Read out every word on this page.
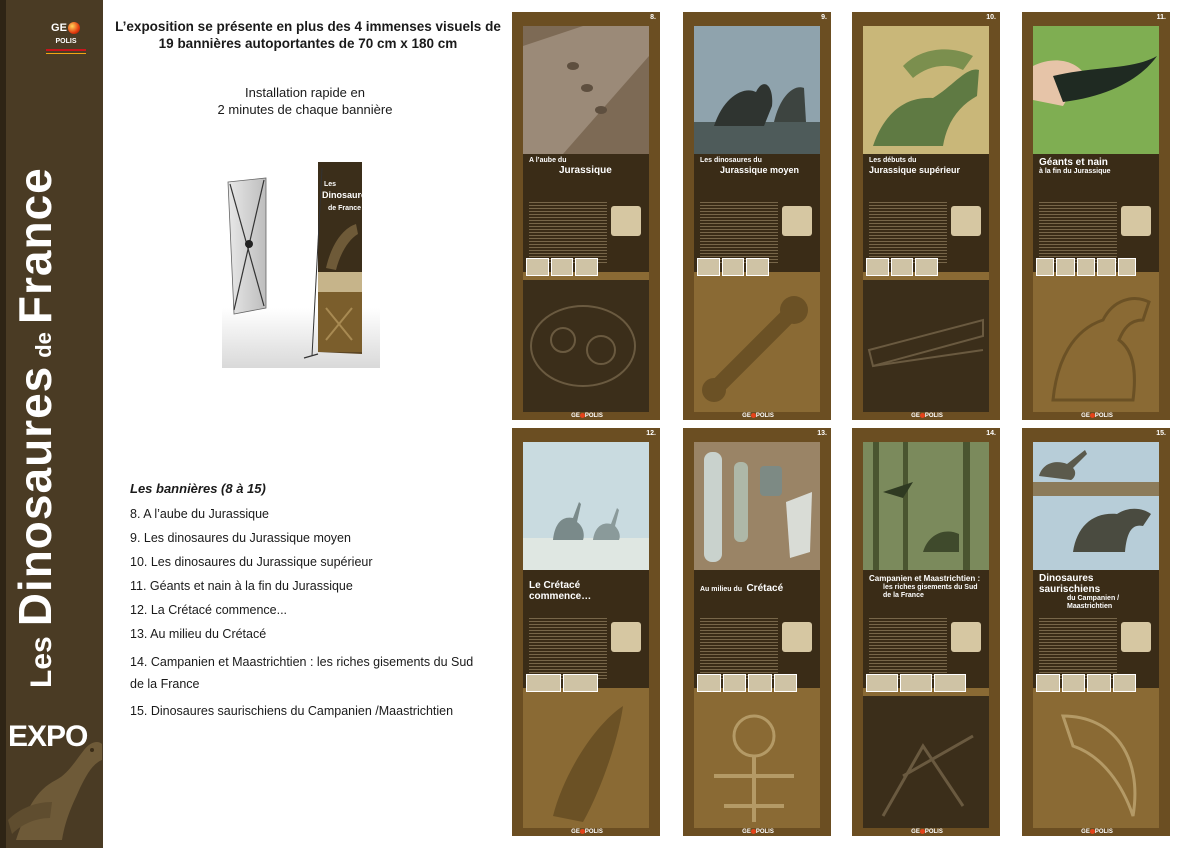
GEPOLIS
LesDinosauresdeFrance
EXPO
L’exposition se présente en plus des 4 immenses visuels de
19 bannières autoportantes de 70 cm x 180 cm
Installation rapide en
2 minutes de chaque bannière
Les
Dinosaures
de France
Les bannières (8 à 15)
8. A l’aube du Jurassique
9. Les dinosaures du Jurassique moyen
10. Les dinosaures du Jurassique supérieur
11. Géants et nain à la fin du Jurassique
12. La Crétacé commence...
13. Au milieu du Crétacé
14. Campanien et Maastrichtien : les riches gisements du Sud de la France
15. Dinosaures saurischiens du Campanien /Maastrichtien
8.
A l’aube du
Jurassique
GE POLIS
9.
Les dinosaures du
Jurassique moyen
GE POLIS
10.
Les débuts du
Jurassique supérieur
GE POLIS
11.
Géants et nain
à la fin du Jurassique
GE POLIS
12.
Le Crétacé commence…
GE POLIS
13.
Au milieu du Crétacé
GE POLIS
14.
Campanien et Maastrichtien :
les riches gisements du Sud de la France
GE POLIS
15.
Dinosaures saurischiens
du Campanien / Maastrichtien
GE POLIS
